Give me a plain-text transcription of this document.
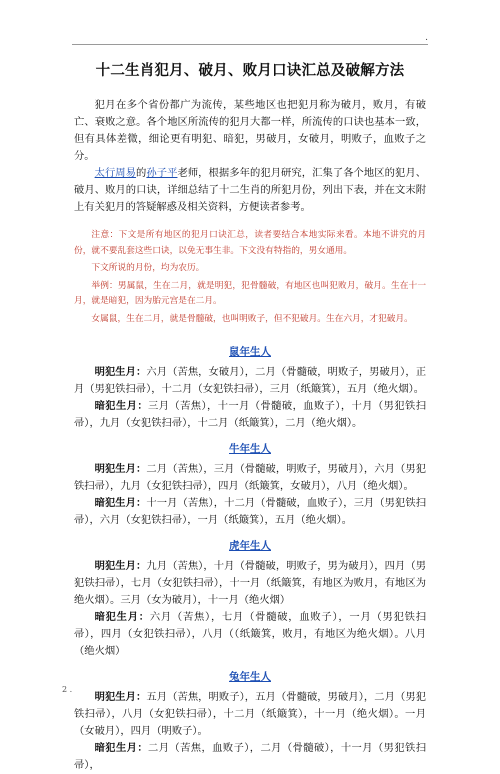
.
十二生肖犯月、破月、败月口诀汇总及破解方法

犯月在多个省份都广为流传，某些地区也把犯月称为破月，败月，有破亡、衰败之意。各个地区所流传的犯月大都一样，所流传的口诀也基本一致，但有具体差微，细论更有明犯、暗犯，男破月，女破月，明败子，血败子之分。

太行周易的孙子平老师，根据多年的犯月研究，汇集了各个地区的犯月、破月、败月的口诀，详细总结了十二生肖的所犯月份，列出下表，并在文末附上有关犯月的答疑解惑及相关资料，方便读者参考。

注意：下文是所有地区的犯月口诀汇总，读者要结合本地实际来看。本地不讲究的月份，就不要乱套这些口诀，以免无事生非。下文没有特指的，男女通用。

下文所说的月份，均为农历。

举例：男属鼠，生在二月，就是明犯，犯骨髓破，有地区也叫犯败月，破月。生在十一月，就是暗犯，因为胎元宫是在二月。

女属鼠，生在二月，就是骨髓破，也叫明败子，但不犯破月。生在六月，才犯破月。

鼠年生人

明犯生月：六月（苦焦，女破月），二月（骨髓破，明败子，男破月），正月（男犯铁扫帚），十二月（女犯铁扫帚），三月（纸簸箕），五月（绝火烟）。

暗犯生月：三月（苦焦），十一月（骨髓破，血败子），十月（男犯铁扫帚），九月（女犯铁扫帚），十二月（纸簸箕），二月（绝火烟）。

牛年生人

明犯生月：二月（苦焦），三月（骨髓破，明败子，男破月），六月（男犯铁扫帚），九月（女犯铁扫帚），四月（纸簸箕，女破月），八月（绝火烟）。

暗犯生月：十一月（苦焦），十二月（骨髓破，血败子），三月（男犯铁扫帚），六月（女犯铁扫帚），一月（纸簸箕），五月（绝火烟）。

虎年生人

明犯生月：九月（苦焦），十月（骨髓破，明败子，男为破月），四月（男犯铁扫帚），七月（女犯铁扫帚），十一月（纸簸箕，有地区为败月，有地区为绝火烟）。三月（女为破月），十一月（绝火烟）

暗犯生月：六月（苦焦），七月（骨髓破，血败子），一月（男犯铁扫帚），四月（女犯铁扫帚），八月（（纸簸箕，败月，有地区为绝火烟）。八月（绝火烟）

兔年生人

明犯生月：五月（苦焦，明败子），五月（骨髓破，男破月），二月（男犯铁扫帚），八月（女犯铁扫帚），十二月（纸簸箕），十一月（绝火烟）。一月（女破月），四月（明败子）。

暗犯生月：二月（苦焦，血败子），二月（骨髓破），十一月（男犯铁扫帚），

2 .
